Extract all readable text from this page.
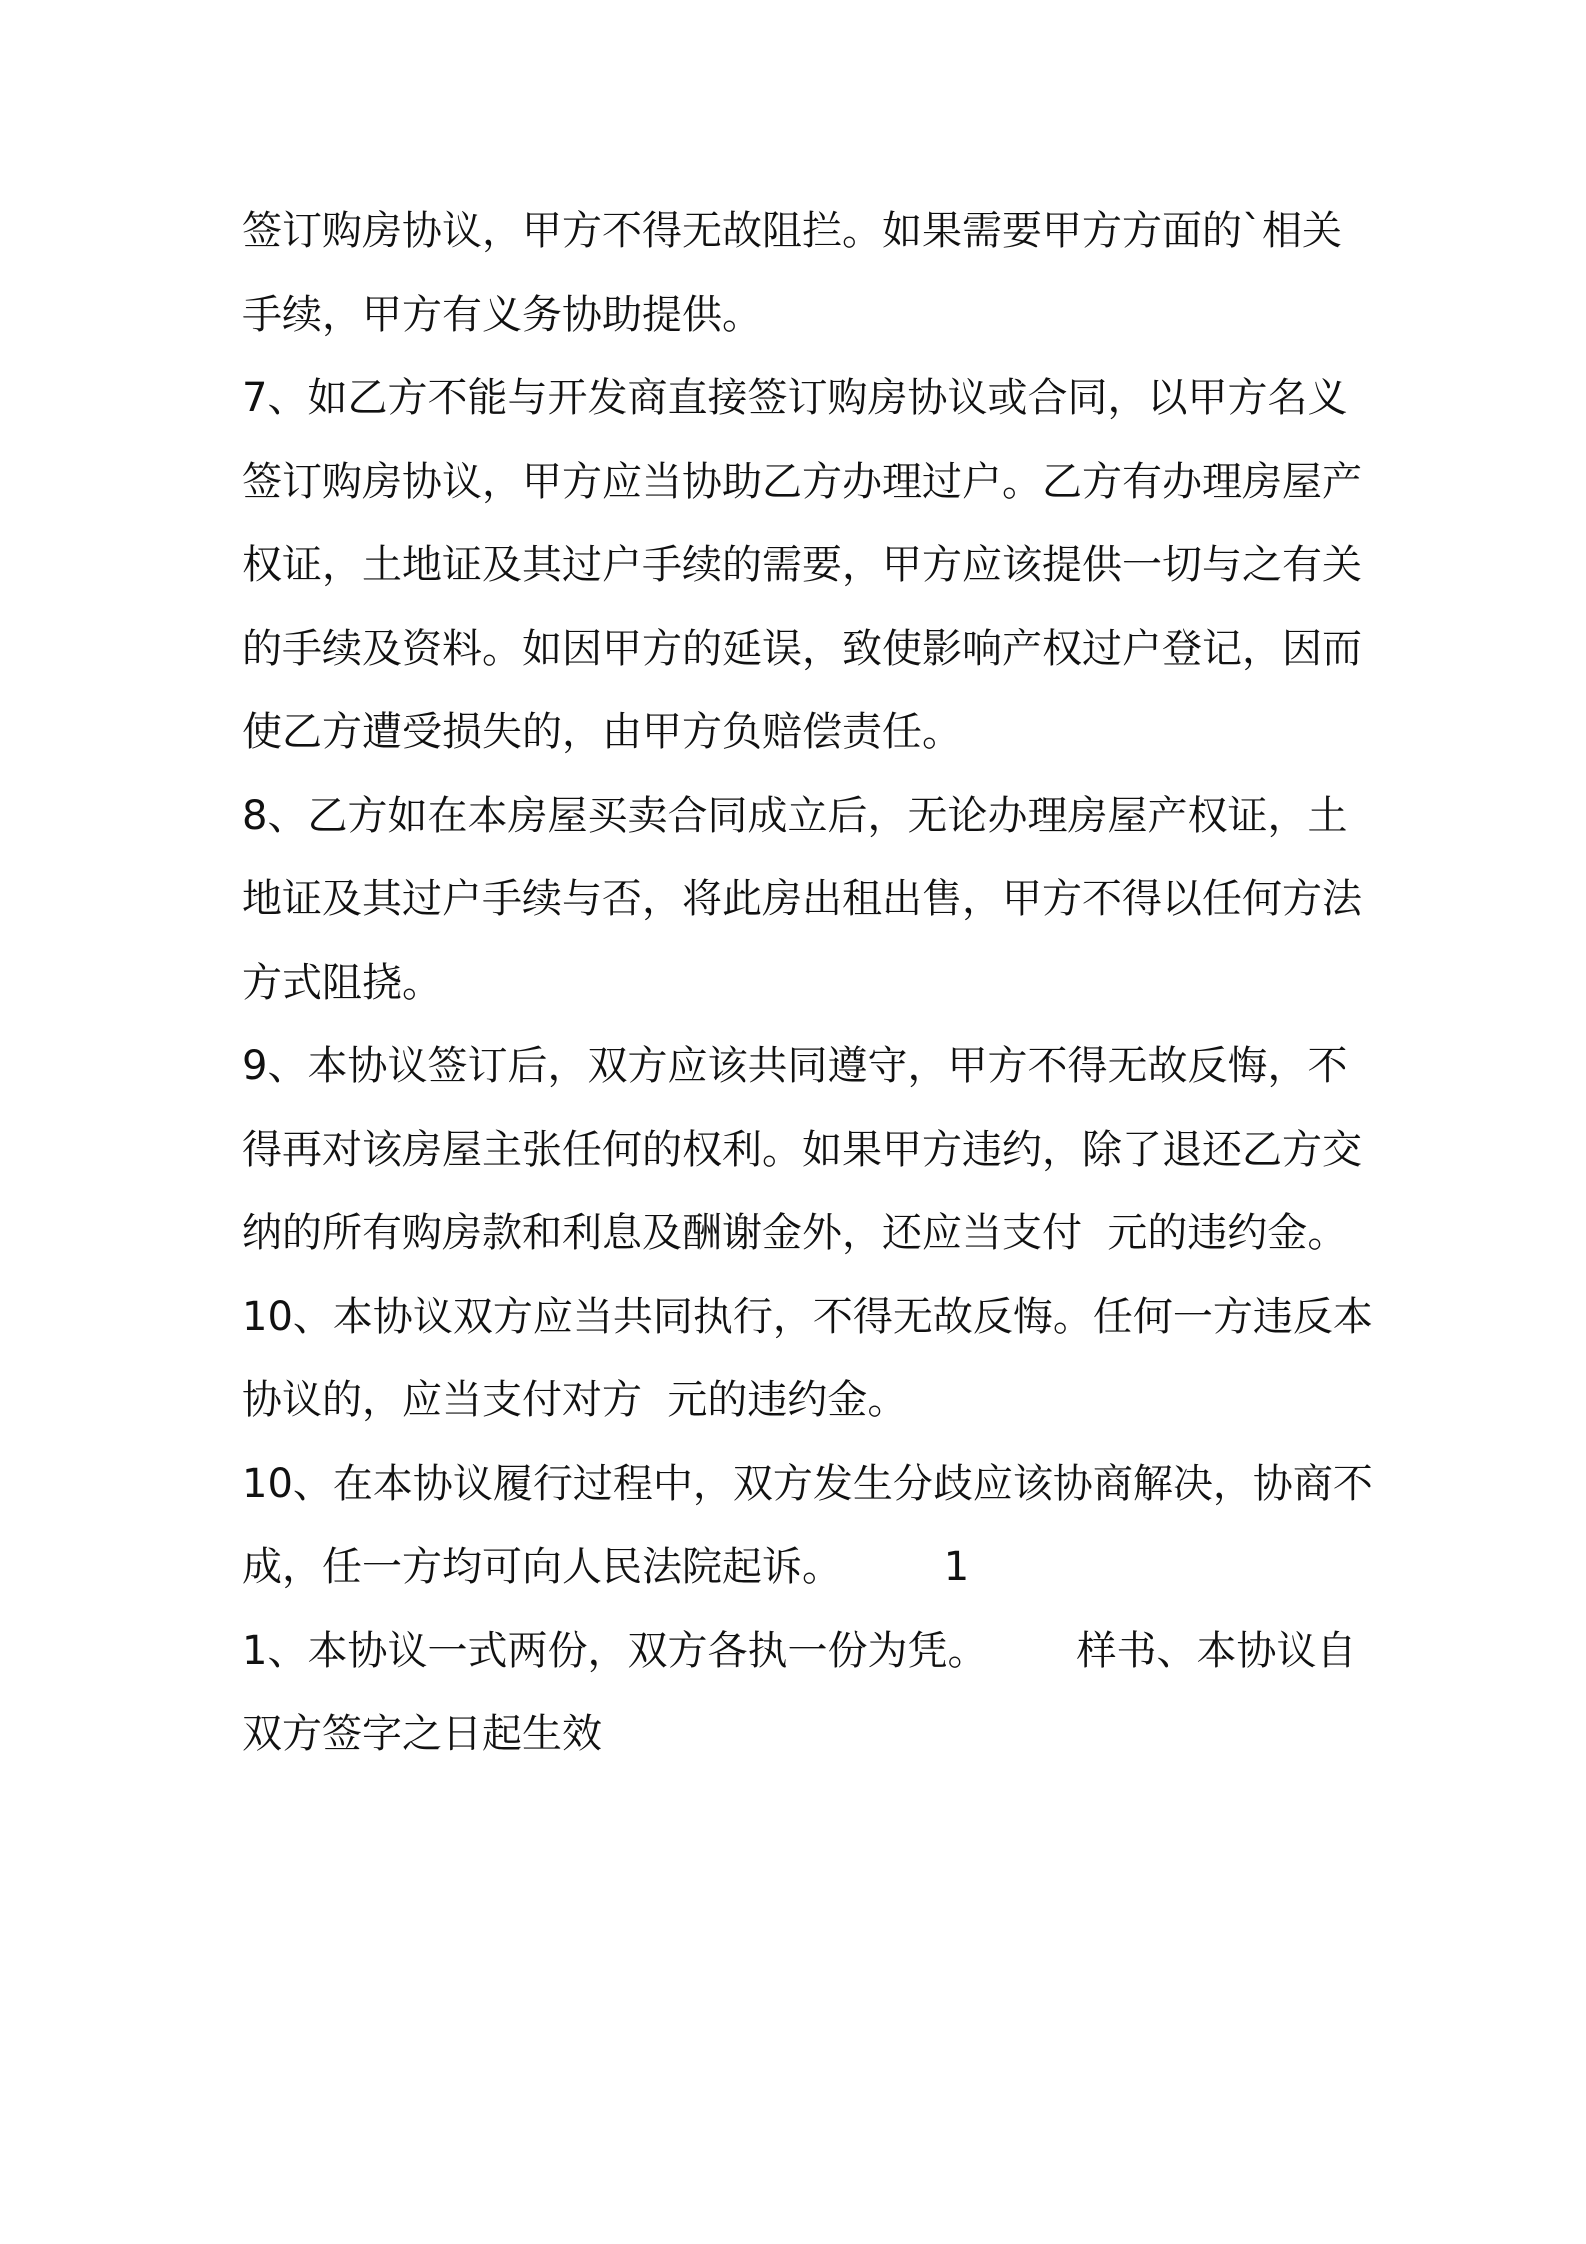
签订购房协议，甲方不得无故阻拦。如果需要甲方方面的`相关
手续，甲方有义务协助提供。
7、如乙方不能与开发商直接签订购房协议或合同，以甲方名义
签订购房协议，甲方应当协助乙方办理过户。乙方有办理房屋产
权证，土地证及其过户手续的需要，甲方应该提供一切与之有关
的手续及资料。如因甲方的延误，致使影响产权过户登记，因而
使乙方遭受损失的，由甲方负赔偿责任。
8、乙方如在本房屋买卖合同成立后，无论办理房屋产权证，土
地证及其过户手续与否，将此房出租出售，甲方不得以任何方法
方式阻挠。
9、本协议签订后，双方应该共同遵守，甲方不得无故反悔，不
得再对该房屋主张任何的权利。如果甲方违约，除了退还乙方交
纳的所有购房款和利息及酬谢金外，还应当支付  元的违约金。
10、本协议双方应当共同执行，不得无故反悔。任何一方违反本
协议的，应当支付对方  元的违约金。
10、在本协议履行过程中，双方发生分歧应该协商解决，协商不
成，任一方均可向人民法院起诉。        1
1、本协议一式两份，双方各执一份为凭。       样书、本协议自
双方签字之日起生效
